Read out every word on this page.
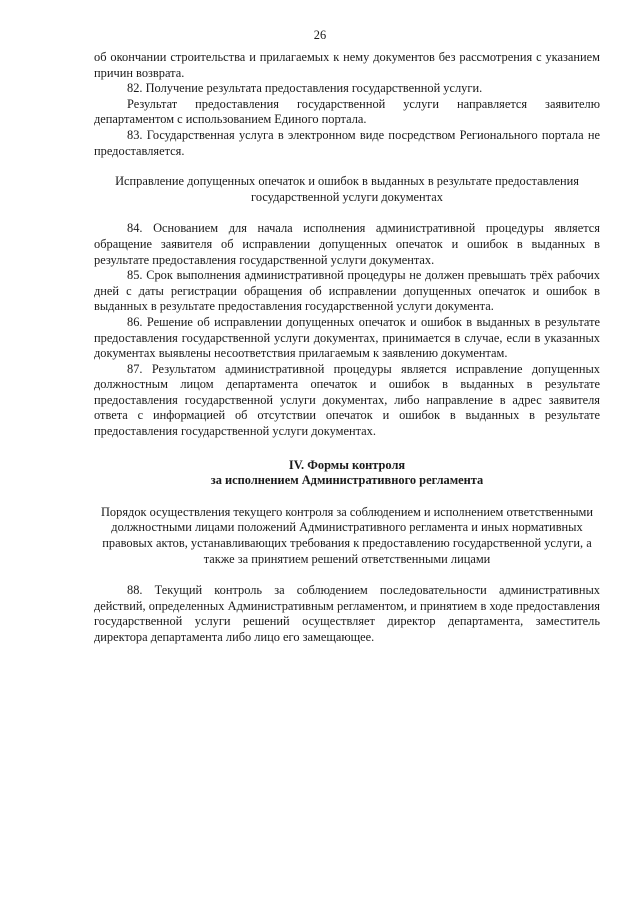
26

об окончании строительства и прилагаемых к нему документов без рассмотрения с указанием причин возврата.

82. Получение результата предоставления государственной услуги.

Результат предоставления государственной услуги направляется заявителю департаментом с использованием Единого портала.

83. Государственная услуга в электронном виде посредством Регионального портала не предоставляется.

Исправление допущенных опечаток и ошибок в выданных в результате предоставления государственной услуги документах

84. Основанием для начала исполнения административной процедуры является обращение заявителя об исправлении допущенных опечаток и ошибок в выданных в результате предоставления государственной услуги документах.

85. Срок выполнения административной процедуры не должен превышать трёх рабочих дней с даты регистрации обращения об исправлении допущенных опечаток и ошибок в выданных в результате предоставления государственной услуги документа.

86. Решение об исправлении допущенных опечаток и ошибок в выданных в результате предоставления государственной услуги документах, принимается в случае, если в указанных документах выявлены несоответствия прилагаемым к заявлению документам.

87. Результатом административной процедуры является исправление допущенных должностным лицом департамента опечаток и ошибок в выданных в результате предоставления государственной услуги документах, либо направление в адрес заявителя ответа с информацией об отсутствии опечаток и ошибок в выданных в результате предоставления государственной услуги документах.

IV. Формы контроля

за исполнением Административного регламента

Порядок осуществления текущего контроля за соблюдением и исполнением ответственными должностными лицами положений Административного регламента и иных нормативных правовых актов, устанавливающих требования к предоставлению государственной услуги, а также за принятием решений ответственными лицами

88. Текущий контроль за соблюдением последовательности административных действий, определенных Административным регламентом, и принятием в ходе предоставления государственной услуги решений осуществляет директор департамента, заместитель директора департамента либо лицо его замещающее.
